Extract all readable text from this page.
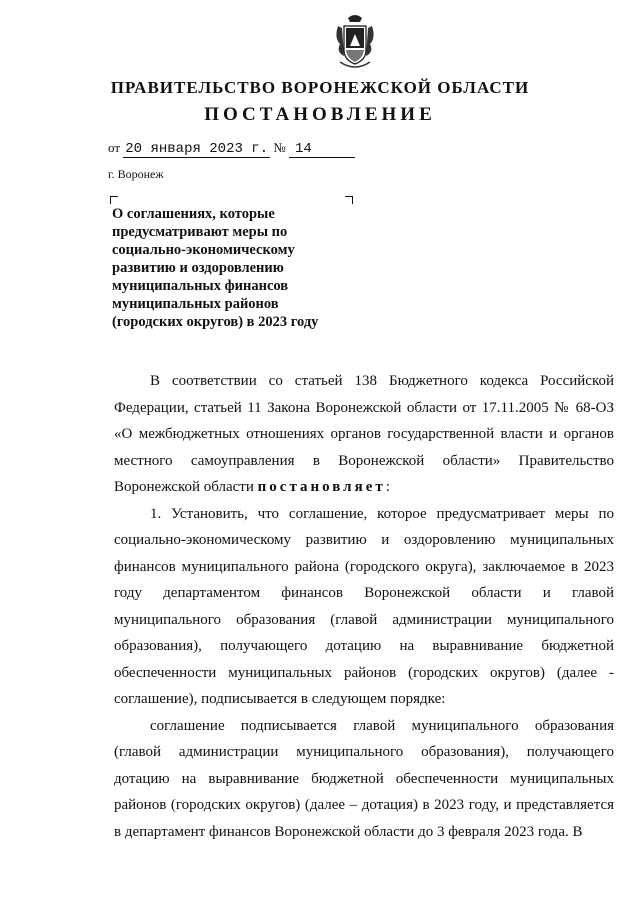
ПРАВИТЕЛЬСТВО ВОРОНЕЖСКОЙ ОБЛАСТИ
ПОСТАНОВЛЕНИЕ
от 20 января 2023 г. № 14
г. Воронеж
О соглашениях, которые предусматривают меры по социально-экономическому развитию и оздоровлению муниципальных финансов муниципальных районов (городских округов) в 2023 году

В соответствии со статьей 138 Бюджетного кодекса Российской Федерации, статьей 11 Закона Воронежской области от 17.11.2005 № 68-ОЗ «О межбюджетных отношениях органов государственной власти и органов местного самоуправления в Воронежской области» Правительство Воронежской области постановляет:

1. Установить, что соглашение, которое предусматривает меры по социально-экономическому развитию и оздоровлению муниципальных финансов муниципального района (городского округа), заключаемое в 2023 году департаментом финансов Воронежской области и главой муниципального образования (главой администрации муниципального образования), получающего дотацию на выравнивание бюджетной обеспеченности муниципальных районов (городских округов) (далее - соглашение), подписывается в следующем порядке:

соглашение подписывается главой муниципального образования (главой администрации муниципального образования), получающего дотацию на выравнивание бюджетной обеспеченности муниципальных районов (городских округов) (далее – дотация) в 2023 году, и представляется в департамент финансов Воронежской области до 3 февраля 2023 года. В
